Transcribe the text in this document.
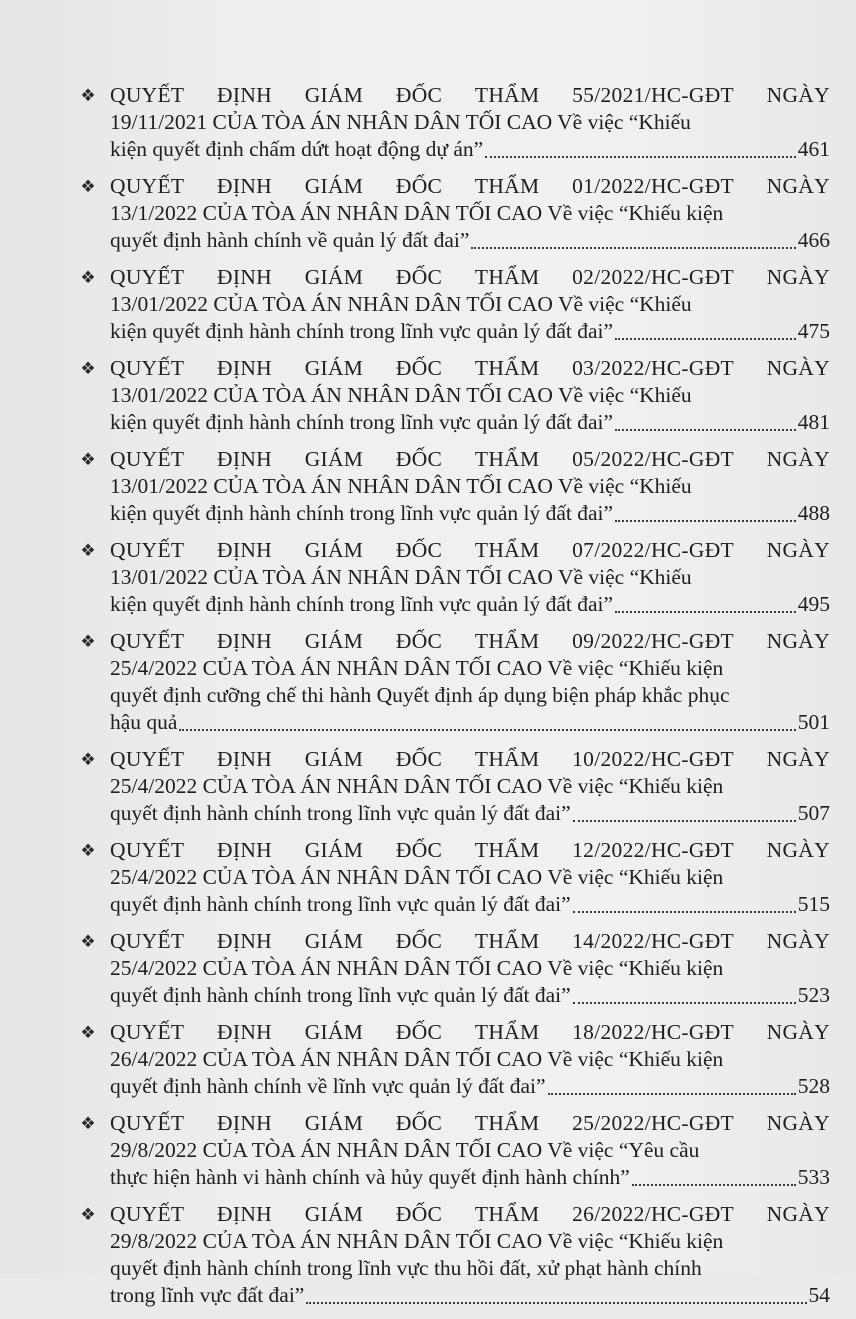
❖ QUYẾT ĐỊNH GIÁM ĐỐC THẨM 55/2021/HC-GĐT NGÀY
19/11/2021 CỦA TÒA ÁN NHÂN DÂN TỐI CAO Về việc “Khiếu
kiện quyết định chấm dứt hoạt động dự án”	461
❖ QUYẾT ĐỊNH GIÁM ĐỐC THẨM 01/2022/HC-GĐT NGÀY
13/1/2022 CỦA TÒA ÁN NHÂN DÂN TỐI CAO Về việc “Khiếu kiện
quyết định hành chính về quản lý đất đai”	466
❖ QUYẾT ĐỊNH GIÁM ĐỐC THẨM 02/2022/HC-GĐT NGÀY
13/01/2022 CỦA TÒA ÁN NHÂN DÂN TỐI CAO Về việc “Khiếu
kiện quyết định hành chính trong lĩnh vực quản lý đất đai”	475
❖ QUYẾT ĐỊNH GIÁM ĐỐC THẨM 03/2022/HC-GĐT NGÀY
13/01/2022 CỦA TÒA ÁN NHÂN DÂN TỐI CAO Về việc “Khiếu
kiện quyết định hành chính trong lĩnh vực quản lý đất đai”	481
❖ QUYẾT ĐỊNH GIÁM ĐỐC THẨM 05/2022/HC-GĐT NGÀY
13/01/2022 CỦA TÒA ÁN NHÂN DÂN TỐI CAO Về việc “Khiếu
kiện quyết định hành chính trong lĩnh vực quản lý đất đai”	488
❖ QUYẾT ĐỊNH GIÁM ĐỐC THẨM 07/2022/HC-GĐT NGÀY
13/01/2022 CỦA TÒA ÁN NHÂN DÂN TỐI CAO Về việc “Khiếu
kiện quyết định hành chính trong lĩnh vực quản lý đất đai”	495
❖ QUYẾT ĐỊNH GIÁM ĐỐC THẨM 09/2022/HC-GĐT NGÀY
25/4/2022 CỦA TÒA ÁN NHÂN DÂN TỐI CAO Về việc “Khiếu kiện
quyết định cưỡng chế thi hành Quyết định áp dụng biện pháp khắc phục
hậu quả	501
❖ QUYẾT ĐỊNH GIÁM ĐỐC THẨM 10/2022/HC-GĐT NGÀY
25/4/2022 CỦA TÒA ÁN NHÂN DÂN TỐI CAO Về việc “Khiếu kiện
quyết định hành chính trong lĩnh vực quản lý đất đai”	507
❖ QUYẾT ĐỊNH GIÁM ĐỐC THẨM 12/2022/HC-GĐT NGÀY
25/4/2022 CỦA TÒA ÁN NHÂN DÂN TỐI CAO Về việc “Khiếu kiện
quyết định hành chính trong lĩnh vực quản lý đất đai”	515
❖ QUYẾT ĐỊNH GIÁM ĐỐC THẨM 14/2022/HC-GĐT NGÀY
25/4/2022 CỦA TÒA ÁN NHÂN DÂN TỐI CAO Về việc “Khiếu kiện
quyết định hành chính trong lĩnh vực quản lý đất đai”	523
❖ QUYẾT ĐỊNH GIÁM ĐỐC THẨM 18/2022/HC-GĐT NGÀY
26/4/2022 CỦA TÒA ÁN NHÂN DÂN TỐI CAO Về việc “Khiếu kiện
quyết định hành chính về lĩnh vực quản lý đất đai”	528
❖ QUYẾT ĐỊNH GIÁM ĐỐC THẨM 25/2022/HC-GĐT NGÀY
29/8/2022 CỦA TÒA ÁN NHÂN DÂN TỐI CAO Về việc “Yêu cầu
thực hiện hành vi hành chính và hủy quyết định hành chính”	533
❖ QUYẾT ĐỊNH GIÁM ĐỐC THẨM 26/2022/HC-GĐT NGÀY
29/8/2022 CỦA TÒA ÁN NHÂN DÂN TỐI CAO Về việc “Khiếu kiện
quyết định hành chính trong lĩnh vực thu hồi đất, xử phạt hành chính
trong lĩnh vực đất đai”	54
